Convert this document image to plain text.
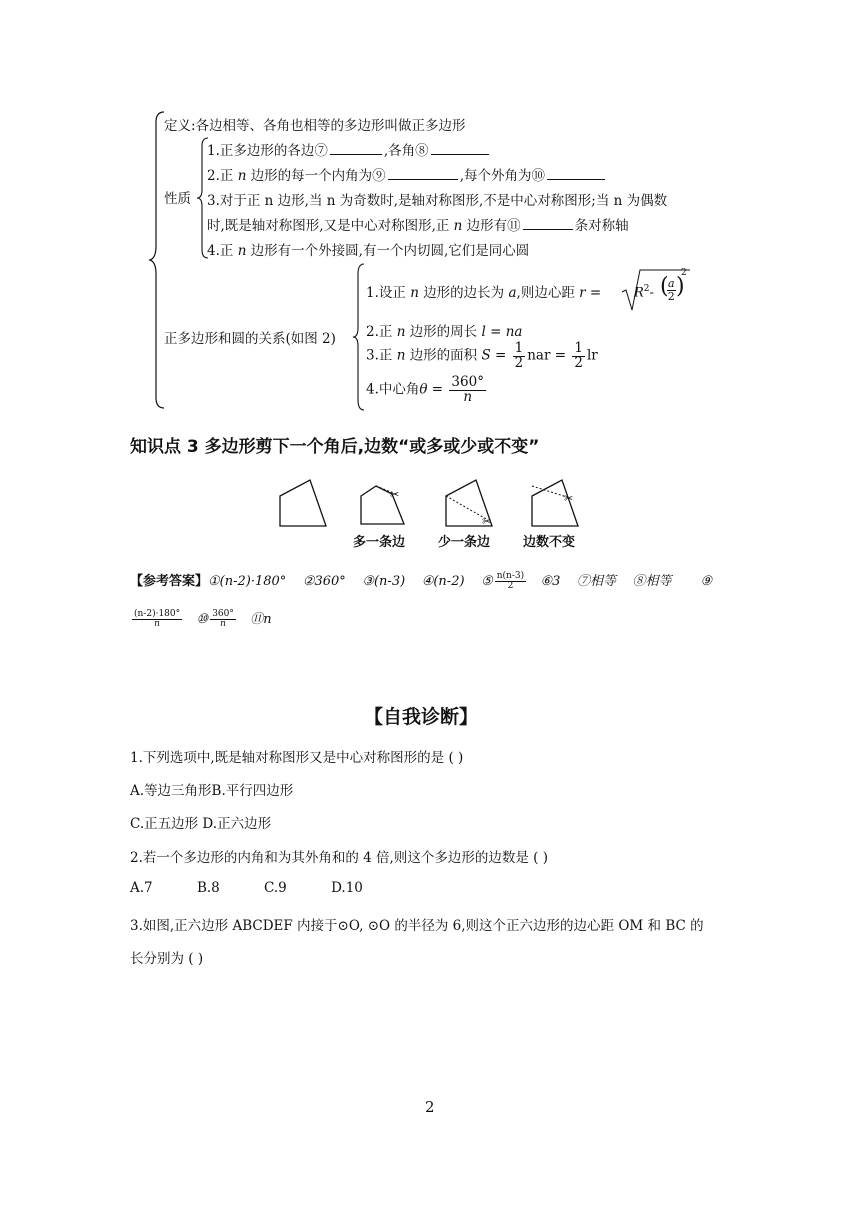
定义:各边相等、各角也相等的多边形叫做正多边形
性质
1.正多边形的各边⑦	,各角⑧
2.正 n 边形的每一个内角为⑨	,每个外角为⑩
3.对于正 n 边形,当 n 为奇数时,是轴对称图形,不是中心对称图形;当 n 为偶数
时,既是轴对称图形,又是中心对称图形,正 n 边形有⑪	条对称轴
4.正 n 边形有一个外接圆,有一个内切圆,它们是同心圆
正多边形和圆的关系(如图 2)
1.设正 n 边形的边长为 a,则边心距 r =	$R^2-$ ( a
2 )
2
2.正 n 边形的周长 l = na
3.正 n 边形的面积 $S = \frac{1}{2}$ nar = $\frac{1}{2}$ lr
4.中心角$\theta = \frac{360^\circ}{n}$
知识点 3 多边形剪下一个角后,边数“或多或少或不变”
✂
✂
✂
多一条边	少一条边	边数不变
【参考答案】①(n-2)·180° ②360° ③(n-3) ④(n-2) ⑤ $\frac{n(n-3)}{2}$ ⑥3 ⑦相等 ⑧相等 ⑨
$\frac{(n-2)\cdot 180^\circ}{n}$ ⑩ $\frac{360^\circ}{n}$ ⑪n
【自我诊断】
1.下列选项中,既是轴对称图形又是中心对称图形的是 ( )
A.等边三角形B.平行四边形
C.正五边形 D.正六边形
2.若一个多边形的内角和为其外角和的 4 倍,则这个多边形的边数是 ( )
A.7	B.8	C.9	D.10
3.如图,正六边形 ABCDEF 内接于⊙O, ⊙O 的半径为 6,则这个正六边形的边心距 OM 和 BC 的
长分别为 ( )
2
